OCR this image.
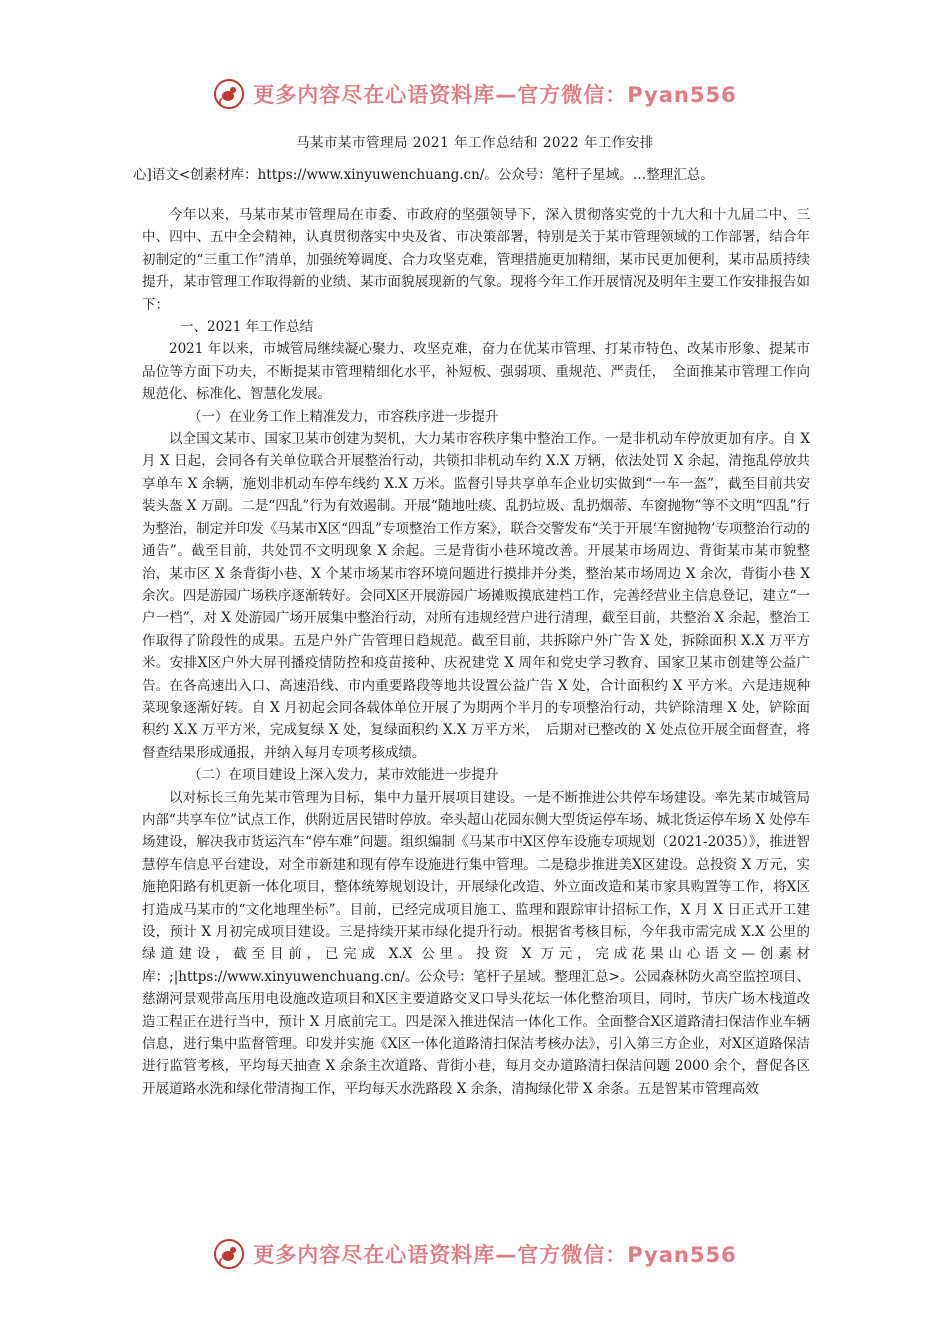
更多内容尽在心语资料库—官方微信：Pyan556
马某市某市管理局 2021 年工作总结和 2022 年工作安排
心]语文<创素材库：https://www.xinyuwenchuang.cn/。公众号：笔杆子星域。…整理汇总。

今年以来，马某市某市管理局在市委、市政府的坚强领导下，深入贯彻落实党的十九大和十九届二中、三中、四中、五中全会精神，认真贯彻落实中央及省、市决策部署，特别是关于某市管理领域的工作部署，结合年初制定的“三重工作”清单，加强统筹调度、合力攻坚克难，管理措施更加精细，某市民更加便利，某市品质持续提升，某市管理工作取得新的业绩、某市面貌展现新的气象。现将今年工作开展情况及明年主要工作安排报告如下：

一、2021 年工作总结

2021 年以来，市城管局继续凝心聚力、攻坚克难，奋力在优某市管理、打某市特色、改某市形象、提某市品位等方面下功夫，不断提某市管理精细化水平，补短板、强弱项、重规范、严责任，　全面推某市管理工作向规范化、标准化、智慧化发展。

（一）在业务工作上精准发力，市容秩序进一步提升

以全国文某市、国家卫某市创建为契机，大力某市容秩序集中整治工作。一是非机动车停放更加有序。自 X 月 X 日起，会同各有关单位联合开展整治行动，共锁扣非机动车约 X.X 万辆，依法处罚 X 余起，清拖乱停放共享单车 X 余辆，施划非机动车停车线约 X.X 万米。监督引导共享单车企业切实做到“一车一盔”，截至目前共安装头盔 X 万副。二是“四乱”行为有效遏制。开展“随地吐痰、乱扔垃圾、乱扔烟蒂、车窗抛物”等不文明“四乱”行为整治，制定并印发《马某市X区“四乱”专项整治工作方案》，联合交警发布“关于开展‘车窗抛物’专项整治行动的通告”。截至目前，共处罚不文明现象 X 余起。三是背街小巷环境改善。开展某市场周边、背街某市某市貌整治，某市区 X 条背街小巷、X 个某市场某市容环境问题进行摸排并分类，整治某市场周边 X 余次，背街小巷 X 余次。四是游园广场秩序逐渐转好。会同X区开展游园广场摊贩摸底建档工作，完善经营业主信息登记，建立“一户一档”，对 X 处游园广场开展集中整治行动，对所有违规经营户进行清理，截至目前，共整治 X 余起，整治工作取得了阶段性的成果。五是户外广告管理日趋规范。截至目前，共拆除户外广告 X 处，拆除面积 X.X 万平方米。安排X区户外大屏刊播疫情防控和疫苗接种、庆祝建党 X 周年和党史学习教育、国家卫某市创建等公益广告。在各高速出入口、高速沿线、市内重要路段等地共设置公益广告 X 处，合计面积约 X 平方米。六是违规种菜现象逐渐好转。自 X 月初起会同各载体单位开展了为期两个半月的专项整治行动，共铲除清理 X 处，铲除面积约 X.X 万平方米，完成复绿 X 处，复绿面积约 X.X 万平方米，　后期对已整改的 X 处点位开展全面督查，将督查结果形成通报，并纳入每月专项考核成绩。

（二）在项目建设上深入发力，某市效能进一步提升

以对标长三角先某市管理为目标，集中力量开展项目建设。一是不断推进公共停车场建设。率先某市城管局内部“共享车位”试点工作，供附近居民错时停放。牵头超山花园东侧大型货运停车场、城北货运停车场 X 处停车场建设，解决我市货运汽车“停车难”问题。组织编制《马某市中X区停车设施专项规划（2021-2035）》，推进智慧停车信息平台建设，对全市新建和现有停车设施进行集中管理。二是稳步推进美X区建设。总投资 X 万元，实施艳阳路有机更新一体化项目，整体统筹规划设计，开展绿化改造、外立面改造和某市家具购置等工作，将X区打造成马某市的“文化地理坐标”。目前，已经完成项目施工、监理和跟踪审计招标工作，X 月 X 日正式开工建设，预计 X 月初完成项目建设。三是持续开某市绿化提升行动。根据省考核目标，今年我市需完成 X.X 公里的绿道建设，截至目前，已完成 X.X 公里。投资 X 万元，完成花果山心语文—创素材库：;|https://www.xinyuwenchuang.cn/。公众号：笔杆子星域。整理汇总>。公园森林防火高空监控项目、慈湖河景观带高压用电设施改造项目和X区主要道路交叉口导头花坛一体化整治项目，同时，节庆广场木栈道改造工程正在进行当中，预计 X 月底前完工。四是深入推进保洁一体化工作。全面整合X区道路清扫保洁作业车辆信息，进行集中监督管理。印发并实施《X区一体化道路清扫保洁考核办法》，引入第三方企业，对X区道路保洁进行监管考核，平均每天抽查 X 余条主次道路、背街小巷，每月交办道路清扫保洁问题 2000 余个，督促各区开展道路水洗和绿化带清掏工作，平均每天水洗路段 X 余条，清掏绿化带 X 余条。五是智某市管理高效

更多内容尽在心语资料库—官方微信：Pyan556
